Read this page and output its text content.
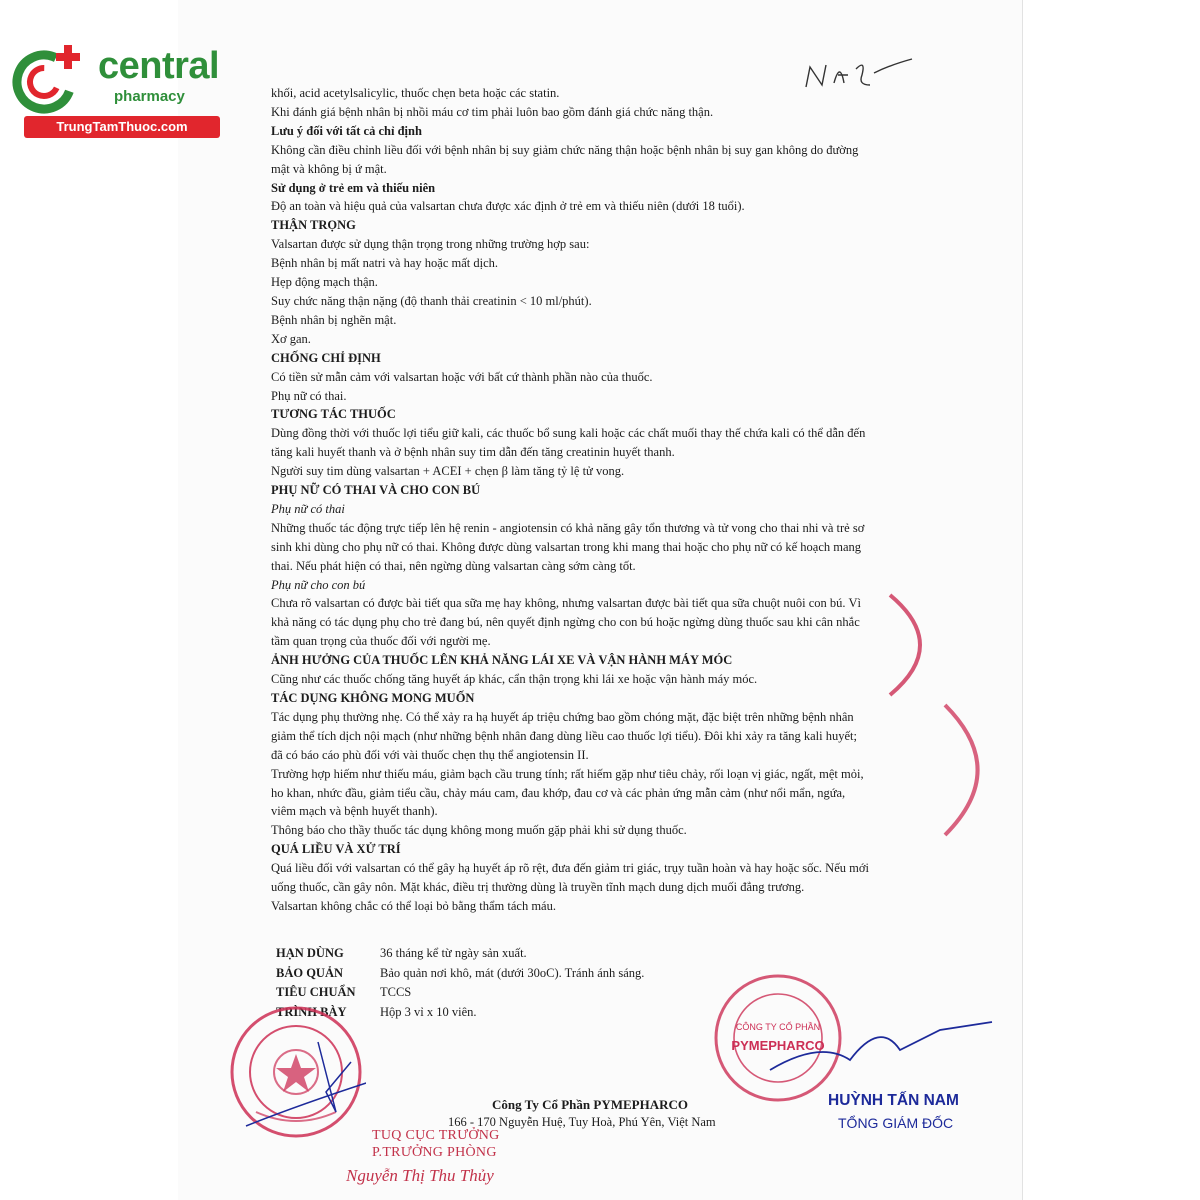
central
pharmacy
TrungTamThuoc.com

khối, acid acetylsalicylic, thuốc chẹn beta hoặc các statin.

Khi đánh giá bệnh nhân bị nhồi máu cơ tim phải luôn bao gồm đánh giá chức năng thận.

Lưu ý đối với tất cả chỉ định

Không cần điều chỉnh liều đối với bệnh nhân bị suy giảm chức năng thận hoặc bệnh nhân bị suy gan không do đường

mật và không bị ứ mật.

Sử dụng ở trẻ em và thiếu niên

Độ an toàn và hiệu quả của valsartan chưa được xác định ở trẻ em và thiếu niên (dưới 18 tuổi).

THẬN TRỌNG

Valsartan được sử dụng thận trọng trong những trường hợp sau:

Bệnh nhân bị mất natri và hay hoặc mất dịch.

Hẹp động mạch thận.

Suy chức năng thận nặng (độ thanh thải creatinin < 10 ml/phút).

Bệnh nhân bị nghẽn mật.

Xơ gan.

CHỐNG CHỈ ĐỊNH

Có tiền sử mẫn cảm với valsartan hoặc với bất cứ thành phần nào của thuốc.

Phụ nữ có thai.

TƯƠNG TÁC THUỐC

Dùng đồng thời với thuốc lợi tiểu giữ kali, các thuốc bổ sung kali hoặc các chất muối thay thế chứa kali có thể dẫn đến

tăng kali huyết thanh và ở bệnh nhân suy tim dẫn đến tăng creatinin huyết thanh.

Người suy tim dùng valsartan + ACEI + chẹn β làm tăng tỷ lệ tử vong.

PHỤ NỮ CÓ THAI VÀ CHO CON BÚ

Phụ nữ có thai

Những thuốc tác động trực tiếp lên hệ renin - angiotensin có khả năng gây tổn thương và tử vong cho thai nhi và trẻ sơ

sinh khi dùng cho phụ nữ có thai. Không được dùng valsartan trong khi mang thai hoặc cho phụ nữ có kế hoạch mang

thai. Nếu phát hiện có thai, nên ngừng dùng valsartan càng sớm càng tốt.

Phụ nữ cho con bú

Chưa rõ valsartan có được bài tiết qua sữa mẹ hay không, nhưng valsartan được bài tiết qua sữa chuột nuôi con bú. Vì

khả năng có tác dụng phụ cho trẻ đang bú, nên quyết định ngừng cho con bú hoặc ngừng dùng thuốc sau khi cân nhắc

tầm quan trọng của thuốc đối với người mẹ.

ẢNH HƯỞNG CỦA THUỐC LÊN KHẢ NĂNG LÁI XE VÀ VẬN HÀNH MÁY MÓC

Cũng như các thuốc chống tăng huyết áp khác, cẩn thận trọng khi lái xe hoặc vận hành máy móc.

TÁC DỤNG KHÔNG MONG MUỐN

Tác dụng phụ thường nhẹ. Có thể xảy ra hạ huyết áp triệu chứng bao gồm chóng mặt, đặc biệt trên những bệnh nhân

giảm thể tích dịch nội mạch (như những bệnh nhân đang dùng liều cao thuốc lợi tiểu). Đôi khi xảy ra tăng kali huyết;

đã có báo cáo phù đối với vài thuốc chẹn thụ thể angiotensin II.

Trường hợp hiếm như thiếu máu, giảm bạch cầu trung tính; rất hiếm gặp như tiêu chảy, rối loạn vị giác, ngất, mệt mỏi,

ho khan, nhức đầu, giảm tiểu cầu, chảy máu cam, đau khớp, đau cơ và các phản ứng mẫn cảm (như nổi mẩn, ngứa,

viêm mạch và bệnh huyết thanh).

Thông báo cho thầy thuốc tác dụng không mong muốn gặp phải khi sử dụng thuốc.

QUÁ LIỀU VÀ XỬ TRÍ

Quá liều đối với valsartan có thể gây hạ huyết áp rõ rệt, đưa đến giảm tri giác, trụy tuần hoàn và hay hoặc sốc. Nếu mới

uống thuốc, cần gây nôn. Mặt khác, điều trị thường dùng là truyền tĩnh mạch dung dịch muối đẳng trương.

Valsartan không chắc có thể loại bỏ bằng thẩm tách máu.

HẠN DÙNG	36 tháng kể từ ngày sản xuất.
BẢO QUẢN	Bảo quản nơi khô, mát (dưới 30oC). Tránh ánh sáng.
TIÊU CHUẨN	TCCS
TRÌNH BÀY	Hộp 3 vỉ x 10 viên.
CÔNG TY CỔ PHẦN
PYMEPHARCO
Công Ty Cổ Phần PYMEPHARCO
166 - 170 Nguyễn Huệ, Tuy Hoà, Phú Yên, Việt Nam
HUỲNH TẤN NAM
TỔNG GIÁM ĐỐC
TUQ CỤC TRƯỞNG
P.TRƯỞNG PHÒNG
Nguyễn Thị Thu Thủy
